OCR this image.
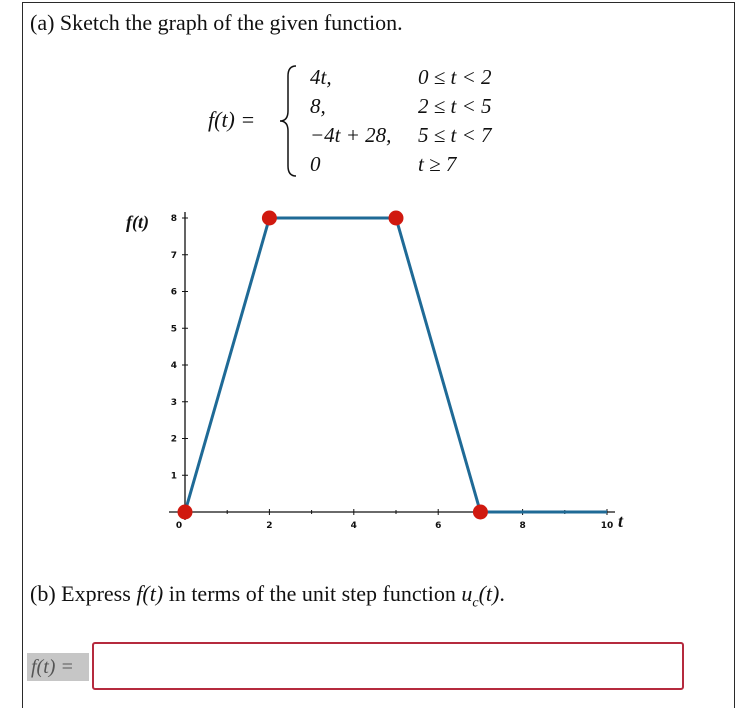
(a) Sketch the graph of the given function.
f(t) =
4t,	0 ≤ t < 2
8,	2 ≤ t < 5
−4t + 28, 5 ≤ t < 7
0	t ≥ 7
f(t)
t
0	2	4	6	8	10
1
2
3
4
5
6
7
8
(b) Express f(t) in terms of the unit step function $u_c(t)$.
f(t) =
